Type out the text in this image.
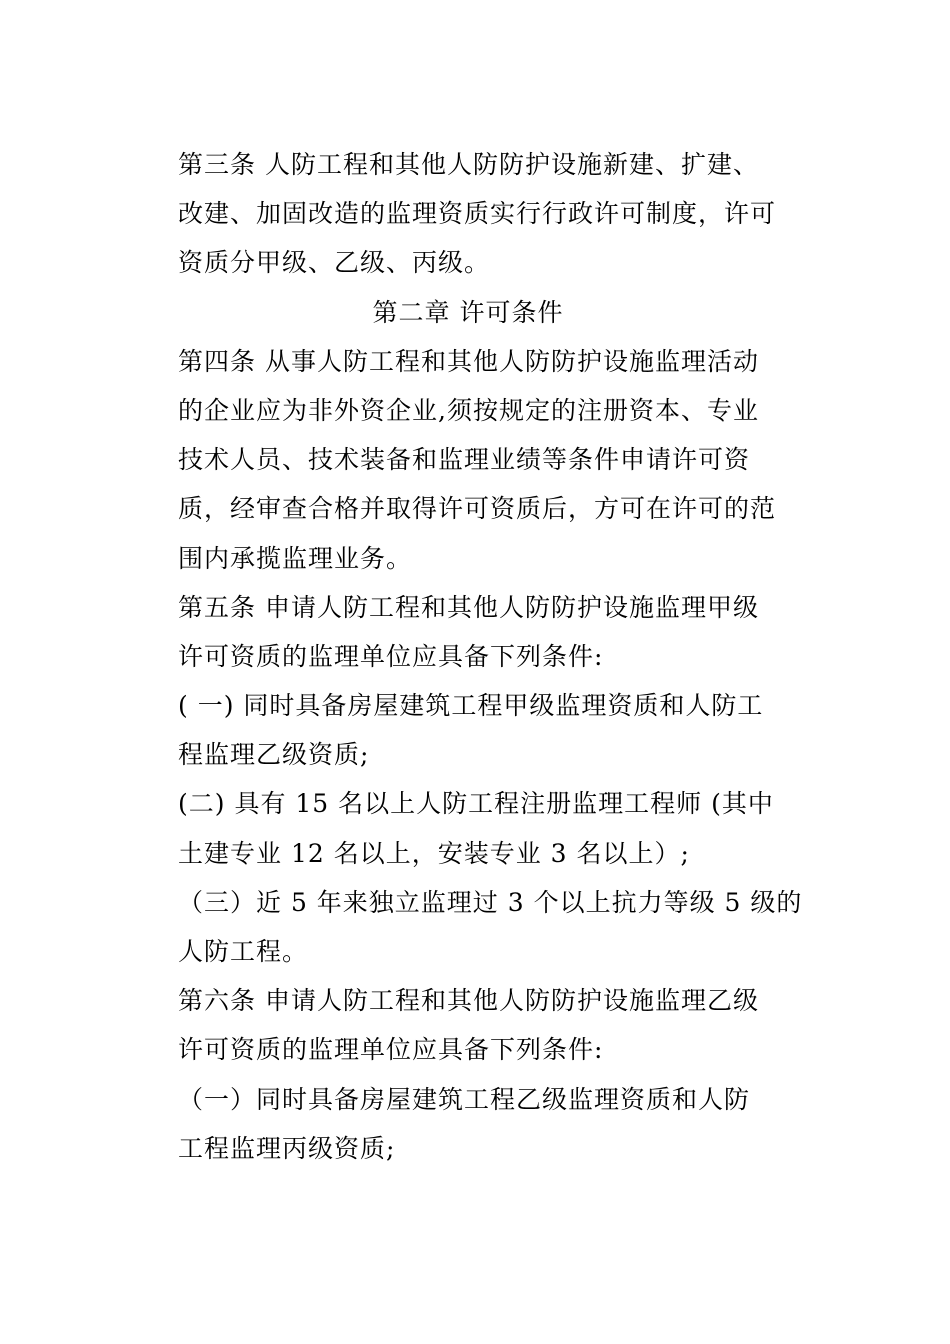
第三条 人防工程和其他人防防护设施新建、扩建、

改建、加固改造的监理资质实行行政许可制度，许可

资质分甲级、乙级、丙级。

第二章 许可条件

第四条 从事人防工程和其他人防防护设施监理活动

的企业应为非外资企业,须按规定的注册资本、专业

技术人员、技术装备和监理业绩等条件申请许可资

质，经审查合格并取得许可资质后，方可在许可的范

围内承揽监理业务。

第五条 申请人防工程和其他人防防护设施监理甲级

许可资质的监理单位应具备下列条件:

( 一) 同时具备房屋建筑工程甲级监理资质和人防工

程监理乙级资质;

(二) 具有 15 名以上人防工程注册监理工程师 (其中

土建专业 12 名以上，安装专业 3 名以上）;

（三）近 5 年来独立监理过 3 个以上抗力等级 5 级的

人防工程。

第六条 申请人防工程和其他人防防护设施监理乙级

许可资质的监理单位应具备下列条件:

（一）同时具备房屋建筑工程乙级监理资质和人防

工程监理丙级资质;
